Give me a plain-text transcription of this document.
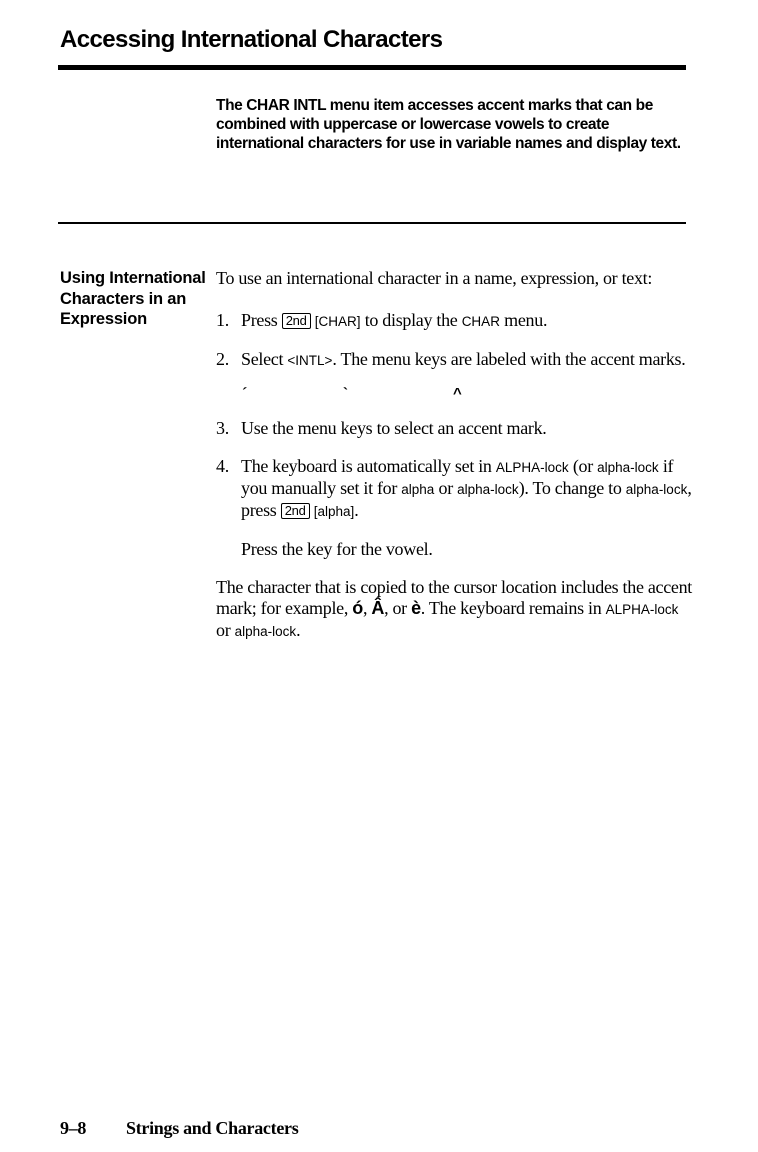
Accessing International Characters

The CHAR INTL menu item accesses accent marks that can be combined with uppercase or lowercase vowels to create international characters for use in variable names and display text.

Using International Characters in an Expression

To use an international character in a name, expression, or text:

1. Press 2nd [CHAR] to display the CHAR menu.
2. Select <INTL>. The menu keys are labeled with the accent marks.
´	`	^
3. Use the menu keys to select an accent mark.
4. The keyboard is automatically set in ALPHA-lock (or alpha-lock if you manually set it for alpha or alpha-lock). To change to alpha-lock, press 2nd [alpha].
Press the key for the vowel.

The character that is copied to the cursor location includes the accent mark; for example, ó, Â, or è. The keyboard remains in ALPHA-lock or alpha-lock.

9–8 Strings and Characters
